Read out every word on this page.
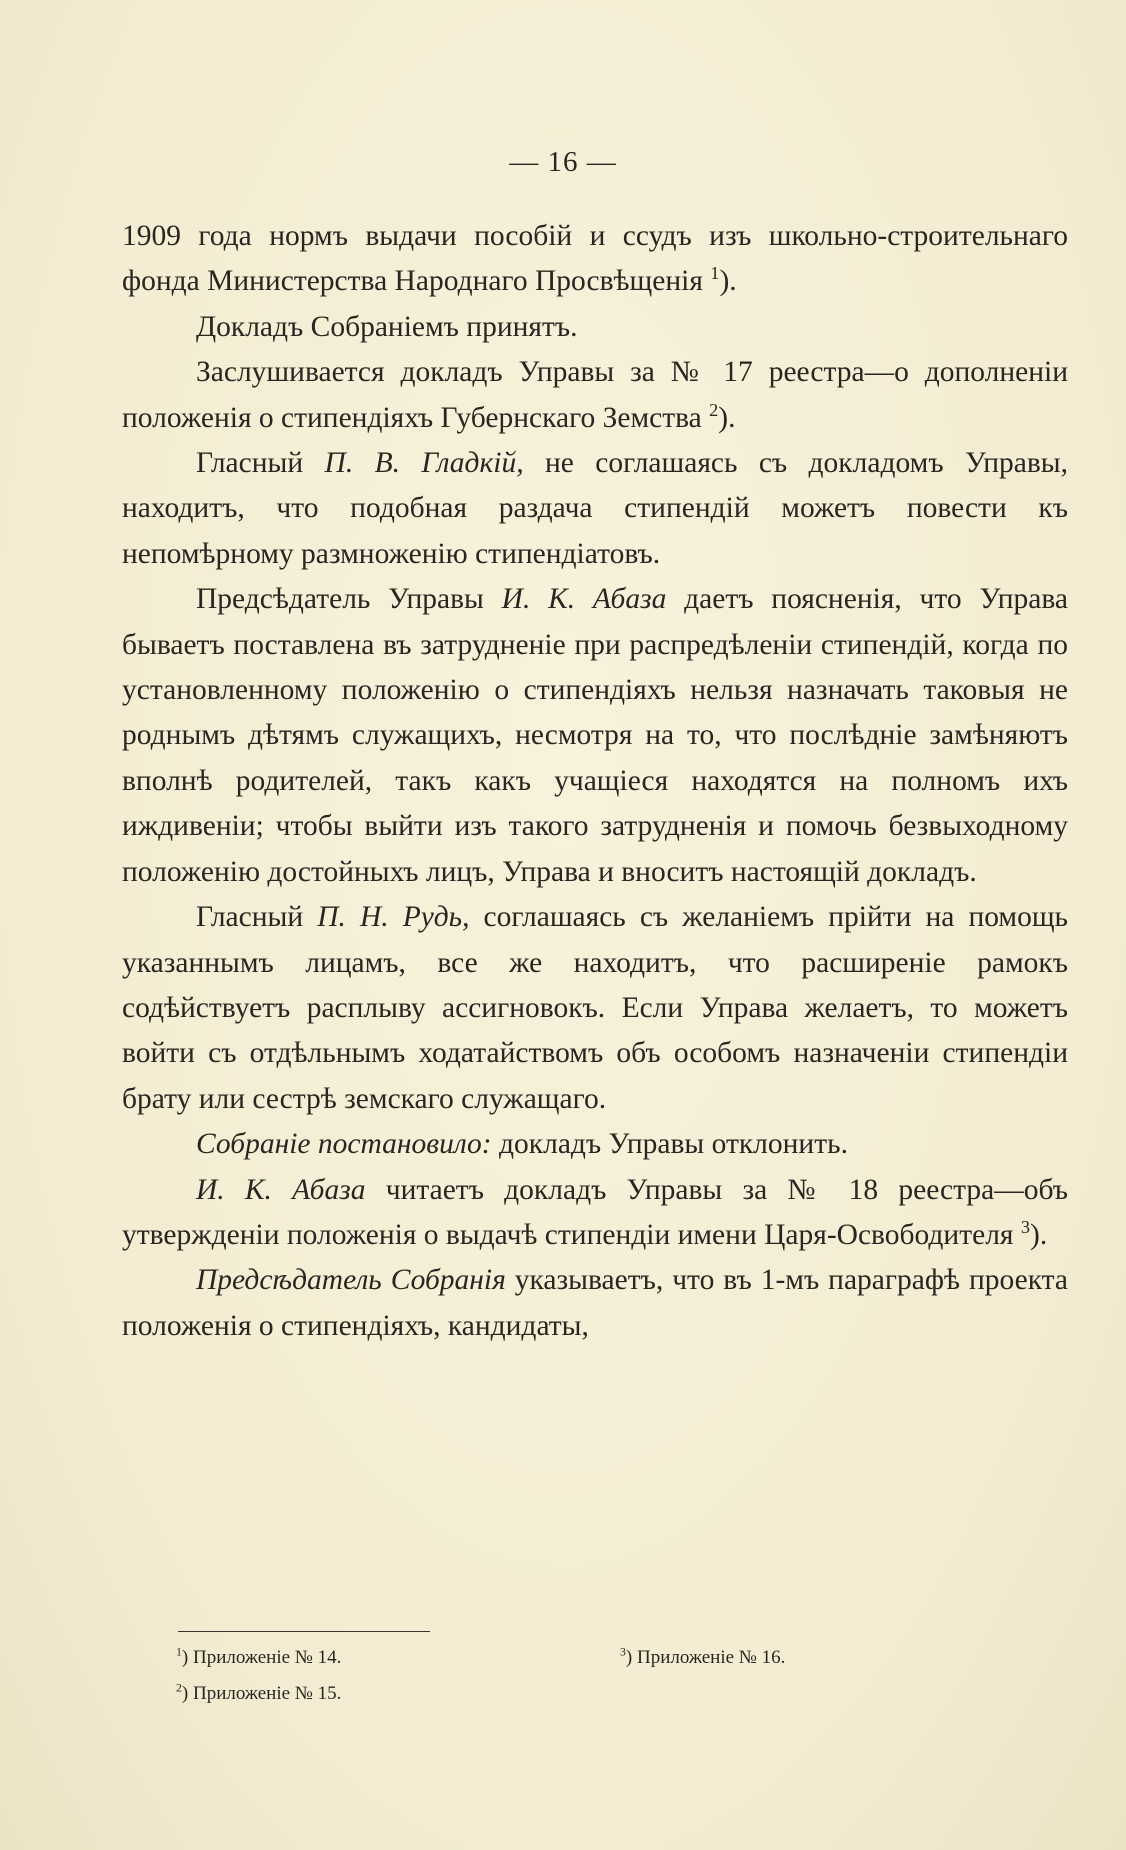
— 16 —

1909 года нормъ выдачи пособій и ссудъ изъ школьно-строительнаго фонда Министерства Народнаго Просвѣщенія $^1$).

Докладъ Собраніемъ принятъ.

Заслушивается докладъ Управы за № 17 реестра—о дополненіи положенія о стипендіяхъ Губернскаго Земства $^2$).

Гласный П. В. Гладкій, не соглашаясь съ докладомъ Управы, находитъ, что подобная раздача стипендій можетъ повести къ непомѣрному размноженію стипендіатовъ.

Предсѣдатель Управы И. К. Абаза даетъ поясненія, что Управа бываетъ поставлена въ затрудненіе при распредѣленіи стипендій, когда по установленному положенію о стипендіяхъ нельзя назначать таковыя не роднымъ дѣтямъ служащихъ, несмотря на то, что послѣдніе замѣняютъ вполнѣ родителей, такъ какъ учащіеся находятся на полномъ ихъ иждивеніи; чтобы выйти изъ такого затрудненія и помочь безвыходному положенію достойныхъ лицъ, Управа и вноситъ настоящій докладъ.

Гласный П. Н. Рудь, соглашаясь съ желаніемъ прійти на помощь указаннымъ лицамъ, все же находитъ, что расширеніе рамокъ содѣйствуетъ расплыву ассигновокъ. Если Управа желаетъ, то можетъ войти съ отдѣльнымъ ходатайствомъ объ особомъ назначеніи стипендіи брату или сестрѣ земскаго служащаго.

Собраніе постановило: докладъ Управы отклонить.

И. К. Абаза читаетъ докладъ Управы за № 18 реестра—объ утвержденіи положенія о выдачѣ стипендіи имени Царя-Освободителя $^3$).

Предсѣдатель Собранія указываетъ, что въ 1-мъ параграфѣ проекта положенія о стипендіяхъ, кандидаты,

$^1$) Приложеніе № 14.	$^3$) Приложеніе № 16.
$^2$) Приложеніе № 15.
